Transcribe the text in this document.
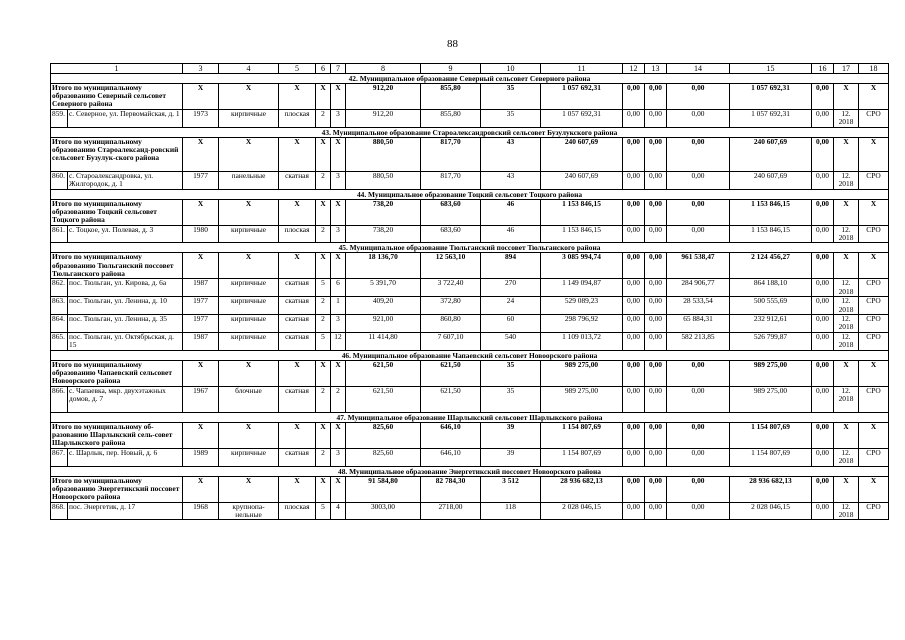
88
1		3	4	5	6	7	8	9	10	11	12	13	14	15	16	17	18
42. Муниципальное образование Северный сельсовет Северного района																	
Итого по муниципальному образованию Северный сельсовет Северного района		X	X	X	X	X	912,20	855,80	35	1 057 692,31	0,00	0,00	0,00	1 057 692,31	0,00	X	X
859.	с. Северное, ул. Первомайская, д. 1	1973	кирпичные	плоская	2	3	912,20	855,80	35	1 057 692,31	0,00	0,00	0,00	1 057 692,31	0,00	12. 2018	СРО
43. Муниципальное образование Старoалександровский сельсовет Бузулукского района																	
Итого по муниципальному образованию Староалександ-ровский сельсовет Бузулук-ского района		X	X	X	X	X	880,50	817,70	43	240 607,69	0,00	0,00	0,00	240 607,69	0,00	X	X
860.	с. Староалександровка, ул. Жилгородок, д. 1	1977	панельные	скатная	2	3	880,50	817,70	43	240 607,69	0,00	0,00	0,00	240 607,69	0,00	12. 2018	СРО
44. Муниципальное образование Тоцкий сельсовет Тоцкого района																	
Итого по муниципальному образованию Тоцкий сельсовет Тоцкого района		X	X	X	X	X	738,20	683,60	46	1 153 846,15	0,00	0,00	0,00	1 153 846,15	0,00	X	X
861.	с. Тоцкое, ул. Полевая, д. 3	1980	кирпичные	плоская	2	3	738,20	683,60	46	1 153 846,15	0,00	0,00	0,00	1 153 846,15	0,00	12. 2018	СРО
45. Муниципальное образование Тюльганский поссовет Тюльганского района																	
Итого по муниципальному образованию Тюльганский поссовет Тюльганского района		X	X	X	X	X	18 136,70	12 563,10	894	3 085 994,74	0,00	0,00	961 538,47	2 124 456,27	0,00	X	X
862.	пос. Тюльган, ул. Кирова, д. 6а	1987	кирпичные	скатная	5	6	5 391,70	3 722,40	270	1 149 094,87	0,00	0,00	284 906,77	864 188,10	0,00	12. 2018	СРО
863.	пос. Тюльган, ул. Ленина, д. 10	1977	кирпичные	скатная	2	1	409,20	372,80	24	529 089,23	0,00	0,00	28 533,54	500 555,69	0,00	12. 2018	СРО
864.	пос. Тюльган, ул. Ленина, д. 35	1977	кирпичные	скатная	2	3	921,00	860,80	60	298 796,92	0,00	0,00	65 884,31	232 912,61	0,00	12. 2018	СРО
865.	пос. Тюльган, ул. Октябрьская, д. 15	1987	кирпичные	скатная	5	12	11 414,80	7 607,10	540	1 109 013,72	0,00	0,00	582 213,85	526 799,87	0,00	12. 2018	СРО
46. Муниципальное образование Чапаевский сельсовет Новоорского района																	
Итого по муниципальному образованию Чапаевский сельсовет Новоорского района		X	X	X	X	X	621,50	621,50	35	989 275,00	0,00	0,00	0,00	989 275,00	0,00	X	X
866.	с. Чапаевка, мкр. двухэтажных домов, д. 7	1967	блочные	скатная	2	2	621,50	621,50	35	989 275,00	0,00	0,00	0,00	989 275,00	0,00	12. 2018	СРО
47. Муниципальное образование Шарлыкский сельсовет Шарлыкского района																	
Итого по муниципальному об-разованию Шарлыкский сель-совет Шарлыкского района		X	X	X	X	X	825,60	646,10	39	1 154 807,69	0,00	0,00	0,00	1 154 807,69	0,00	X	X
867.	с. Шарлык, пер. Новый, д. 6	1989	кирпичные	скатная	2	3	825,60	646,10	39	1 154 807,69	0,00	0,00	0,00	1 154 807,69	0,00	12. 2018	СРО
48. Муниципальное образование Энергетикский поссовет Новоорского района																	
Итого по муниципальному образованию Энергетикский поссовет Новоорского района		X	X	X	X	X	91 584,80	82 784,30	3 512	28 936 682,13	0,00	0,00	0,00	28 936 682,13	0,00	X	X
868.	пос. Энергетик, д. 17	1968	крупнопа-нельные	плоская	5	4	3003,00	2718,00	118	2 028 046,15	0,00	0,00	0,00	2 028 046,15	0,00	12. 2018	СРО
